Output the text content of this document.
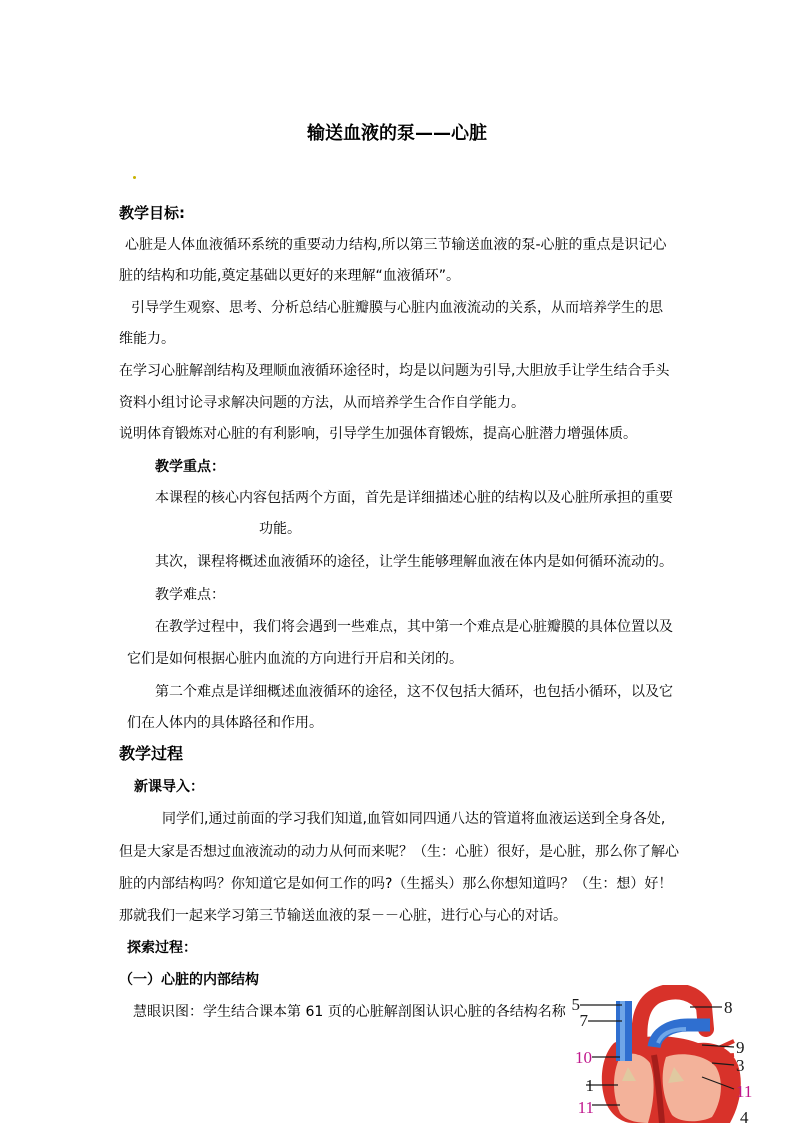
输送血液的泵——心脏
教学目标:
心脏是人体血液循环系统的重要动力结构,所以第三节输送血液的泵-心脏的重点是识记心
脏的结构和功能,奠定基础以更好的来理解“血液循环”。
引导学生观察、思考、分析总结心脏瓣膜与心脏内血液流动的关系，从而培养学生的思
维能力。
在学习心脏解剖结构及理顺血液循环途径时，均是以问题为引导,大胆放手让学生结合手头
资料小组讨论寻求解决问题的方法，从而培养学生合作自学能力。
说明体育锻炼对心脏的有利影响，引导学生加强体育锻炼，提高心脏潜力增强体质。
教学重点：
本课程的核心内容包括两个方面，首先是详细描述心脏的结构以及心脏所承担的重要
功能。
其次，课程将概述血液循环的途径，让学生能够理解血液在体内是如何循环流动的。
教学难点：
在教学过程中，我们将会遇到一些难点，其中第一个难点是心脏瓣膜的具体位置以及
它们是如何根据心脏内血流的方向进行开启和关闭的。
第二个难点是详细概述血液循环的途径，这不仅包括大循环，也包括小循环，以及它
们在人体内的具体路径和作用。
教学过程
新课导入：
同学们,通过前面的学习我们知道,血管如同四通八达的管道将血液运送到全身各处,
但是大家是否想过血液流动的动力从何而来呢？（生：心脏）很好，是心脏，那么你了解心
脏的内部结构吗？你知道它是如何工作的吗?（生摇头）那么你想知道吗？（生：想）好！
那就我们一起来学习第三节输送血液的泵－－心脏，进行心与心的对话。
探索过程：
（一）心脏的内部结构
慧眼识图：学生结合课本第 61 页的心脏解剖图认识心脏的各结构名称 5
7
10
1
11
8
9
3
11
4
